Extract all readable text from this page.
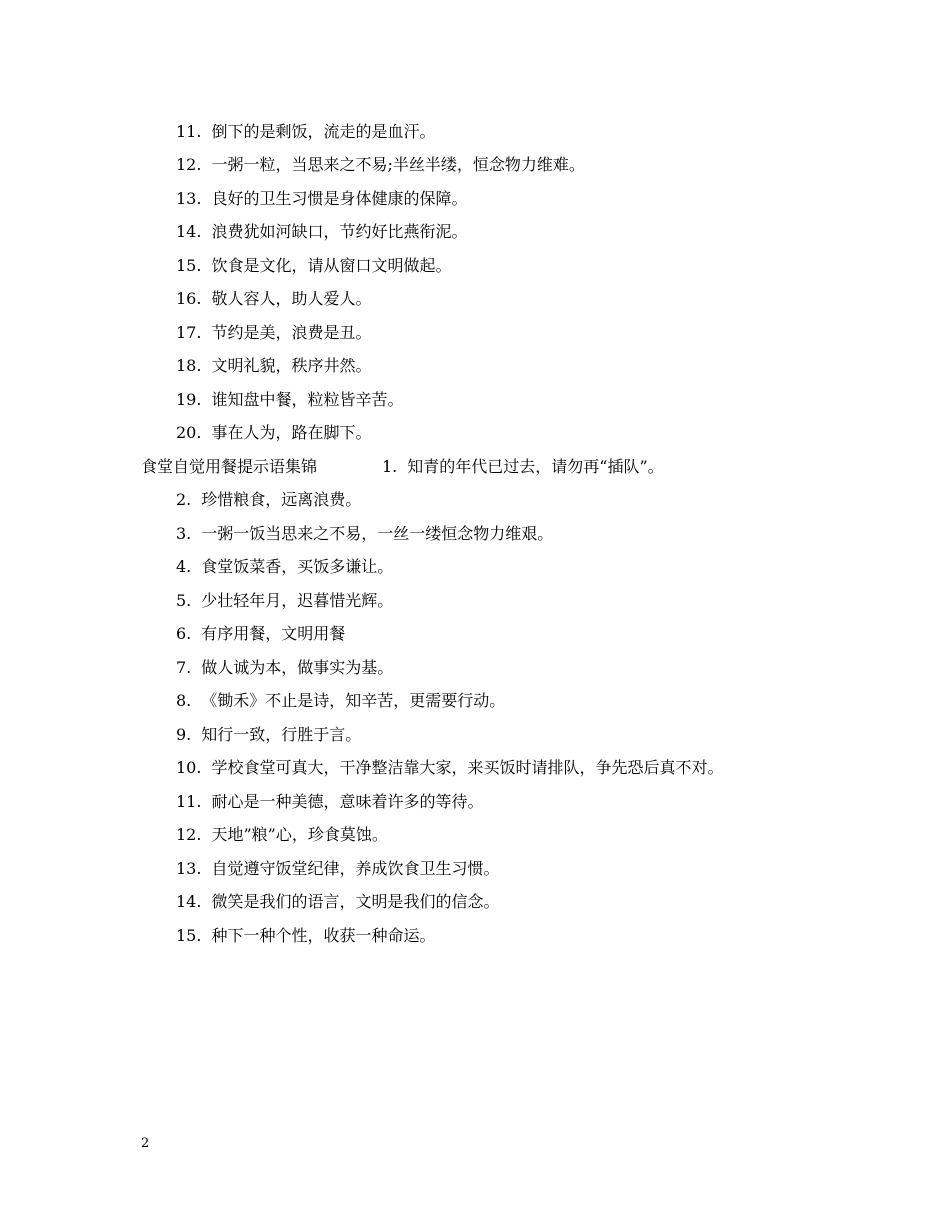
11. 倒下的是剩饭，流走的是血汗。
12. 一粥一粒，当思来之不易;半丝半缕，恒念物力维难。
13. 良好的卫生习惯是身体健康的保障。
14. 浪费犹如河缺口，节约好比燕衔泥。
15. 饮食是文化，请从窗口文明做起。
16. 敬人容人，助人爱人。
17. 节约是美，浪费是丑。
18. 文明礼貌，秩序井然。
19. 谁知盘中餐，粒粒皆辛苦。
20. 事在人为，路在脚下。
食堂自觉用餐提示语集锦	1. 知青的年代已过去，请勿再“插队”。
2. 珍惜粮食，远离浪费。
3. 一粥一饭当思来之不易，一丝一缕恒念物力维艰。
4. 食堂饭菜香，买饭多谦让。
5. 少壮轻年月，迟暮惜光辉。
6. 有序用餐，文明用餐
7. 做人诚为本，做事实为基。
8. 《锄禾》不止是诗，知辛苦，更需要行动。
9. 知行一致，行胜于言。
10. 学校食堂可真大，干净整洁靠大家，来买饭时请排队，争先恐后真不对。
11. 耐心是一种美德，意味着许多的等待。
12. 天地”粮”心，珍食莫蚀。
13. 自觉遵守饭堂纪律，养成饮食卫生习惯。
14. 微笑是我们的语言，文明是我们的信念。
15. 种下一种个性，收获一种命运。
2
